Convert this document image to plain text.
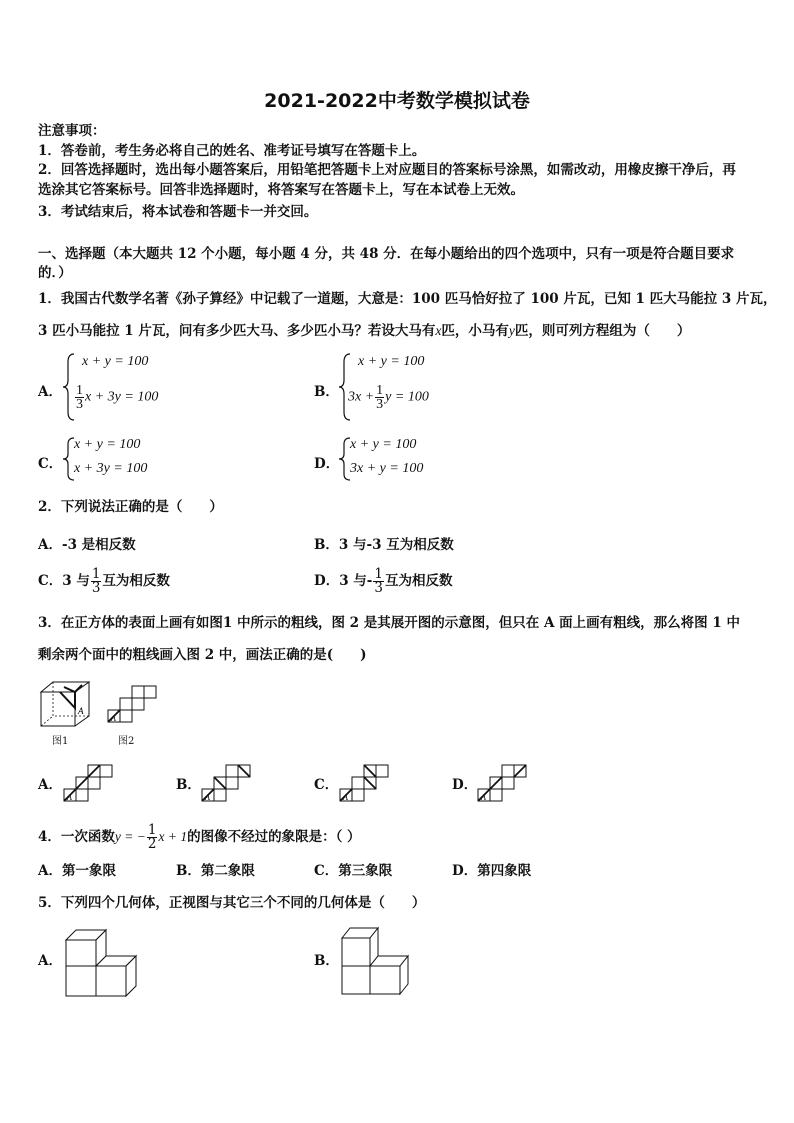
2021-2022中考数学模拟试卷
注意事项：
1．答卷前，考生务必将自己的姓名、准考证号填写在答题卡上。
2．回答选择题时，选出每小题答案后，用铅笔把答题卡上对应题目的答案标号涂黑，如需改动，用橡皮擦干净后，再
选涂其它答案标号。回答非选择题时，将答案写在答题卡上，写在本试卷上无效。
3．考试结束后，将本试卷和答题卡一并交回。
一、选择题（本大题共 12 个小题，每小题 4 分，共 48 分．在每小题给出的四个选项中，只有一项是符合题目要求
的．）
1．我国古代数学名著《孙子算经》中记载了一道题，大意是：100 匹马恰好拉了 100 片瓦，已知 1 匹大马能拉 3 片瓦，
3 匹小马能拉 1 片瓦，问有多少匹大马、多少匹小马？若设大马有x匹，小马有y匹，则可列方程组为（　　）
A．
x + y = 100
$\frac{1}{3}$ x + 3y = 100	B．
x + y = 100
$3x + \frac{1}{3}$ y = 100
C．
x + y = 100
x + 3y = 100	D．
x + y = 100
3x + y = 100
2．下列说法正确的是（　　）
A．-3 是相反数	B．3 与-3 互为相反数
C．3 与 $\frac{1}{3}$ 互为相反数	D．3 与- $\frac{1}{3}$ 互为相反数
3．在正方体的表面上画有如图1 中所示的粗线，图 2 是其展开图的示意图，但只在 A 面上画有粗线，那么将图 1 中
剩余两个面中的粗线画入图 2 中，画法正确的是(　　)
A
图1
A
图2
A．
A
B．
A
C．
A
D．
A
4．一次函数y = − $\frac{1}{2}$ x + 1的图像不经过的象限是：（ ）
A．第一象限	B．第二象限	C．第三象限	D．第四象限
5．下列四个几何体，正视图与其它三个不同的几何体是（　　）
A．	B．
